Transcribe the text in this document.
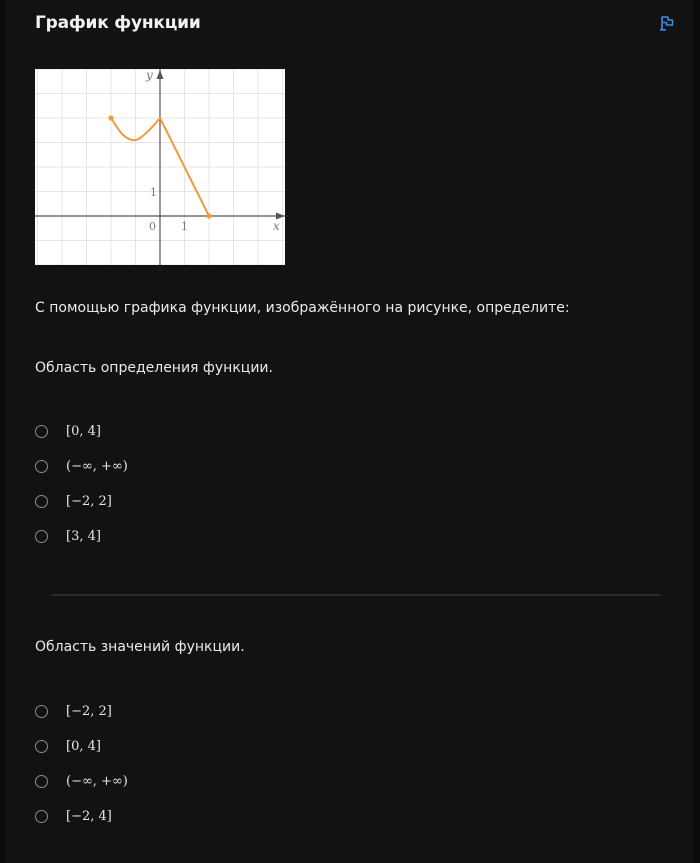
График функции
x
y
0 1
1
С помощью графика функции, изображённого на рисунке, определите:
Область определения функции.
[0, 4]
(−∞, +∞)
[−2, 2]
[3, 4]
Область значений функции.
[−2, 2]
[0, 4]
(−∞, +∞)
[−2, 4]
